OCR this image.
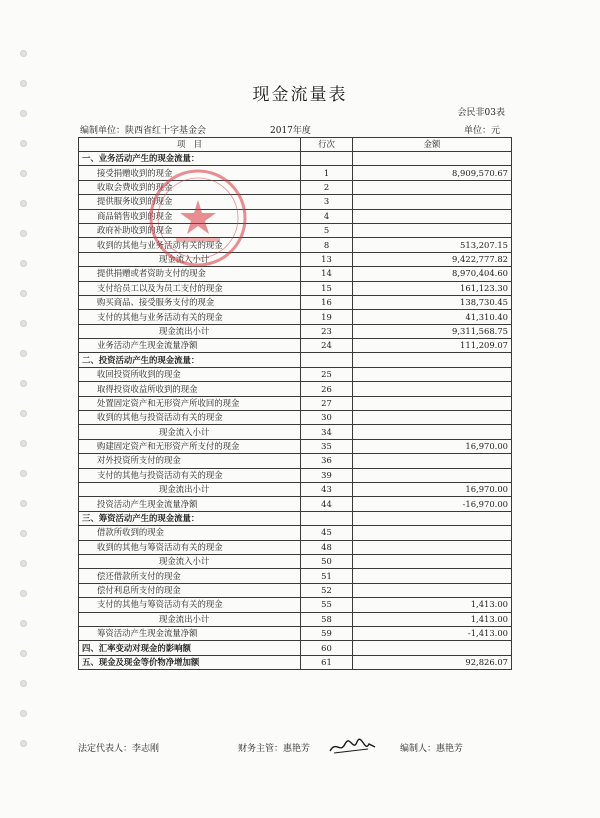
现金流量表
会民非03表
编制单位：陕西省红十字基金会	2017年度	单位：元
项　目	行次	金额
一、业务活动产生的现金流量：		
接受捐赠收到的现金	1	8,909,570.67
收取会费收到的现金	2	
提供服务收到的现金	3	
商品销售收到的现金	4	
政府补助收到的现金	5	
收到的其他与业务活动有关的现金	8	513,207.15
现金流入小计	13	9,422,777.82
提供捐赠或者资助支付的现金	14	8,970,404.60
支付给员工以及为员工支付的现金	15	161,123.30
购买商品、接受服务支付的现金	16	138,730.45
支付的其他与业务活动有关的现金	19	41,310.40
现金流出小计	23	9,311,568.75
业务活动产生现金流量净额	24	111,209.07
二、投资活动产生的现金流量：		
收回投资所收到的现金	25	
取得投资收益所收到的现金	26	
处置固定资产和无形资产所收回的现金	27	
收到的其他与投资活动有关的现金	30	
现金流入小计	34	
购建固定资产和无形资产所支付的现金	35	16,970.00
对外投资所支付的现金	36	
支付的其他与投资活动有关的现金	39	
现金流出小计	43	16,970.00
投资活动产生现金流量净额	44	-16,970.00
三、筹资活动产生的现金流量：		
借款所收到的现金	45	
收到的其他与筹资活动有关的现金	48	
现金流入小计	50	
偿还借款所支付的现金	51	
偿付利息所支付的现金	52	
支付的其他与筹资活动有关的现金	55	1,413.00
现金流出小计	58	1,413.00
筹资活动产生现金流量净额	59	-1,413.00
四、汇率变动对现金的影响额	60	
五、现金及现金等价物净增加额	61	92,826.07
法定代表人：李志刚	财务主管：惠艳芳	编制人：惠艳芳
